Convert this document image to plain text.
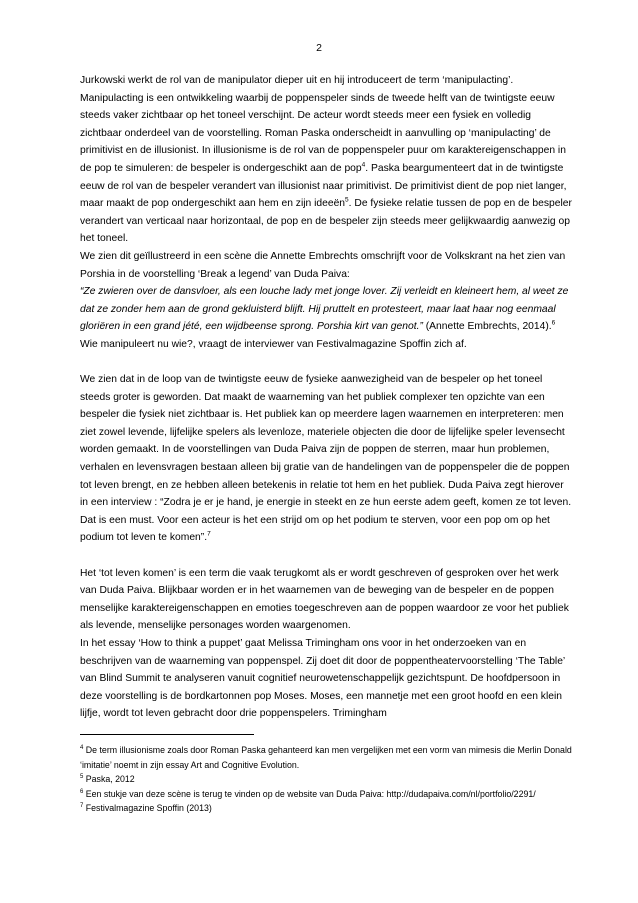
2

Jurkowski werkt de rol van de manipulator dieper uit en hij introduceert de term ‘manipulacting’. Manipulacting is een ontwikkeling waarbij de poppenspeler sinds de tweede helft van de twintigste eeuw steeds vaker zichtbaar op het toneel verschijnt. De acteur wordt steeds meer een fysiek en volledig zichtbaar onderdeel van de voorstelling. Roman Paska onderscheidt in aanvulling op ‘manipulacting’ de primitivist en de illusionist. In illusionisme is de rol van de poppenspeler puur om karaktereigenschappen in de pop te simuleren: de bespeler is ondergeschikt aan de pop$^4$. Paska beargumenteert dat in de twintigste eeuw de rol van de bespeler verandert van illusionist naar primitivist. De primitivist dient de pop niet langer, maar maakt de pop ondergeschikt aan hem en zijn ideeën$^5$. De fysieke relatie tussen de pop en de bespeler verandert van verticaal naar horizontaal, de pop en de bespeler zijn steeds meer gelijkwaardig aanwezig op het toneel.

We zien dit geïllustreerd in een scène die Annette Embrechts omschrijft voor de Volkskrant na het zien van Porshia in de voorstelling ‘Break a legend’ van Duda Paiva:

“Ze zwieren over de dansvloer, als een louche lady met jonge lover. Zij verleidt en kleineert hem, al weet ze dat ze zonder hem aan de grond gekluisterd blijft. Hij pruttelt en protesteert, maar laat haar nog eenmaal gloriëren in een grand jété, een wijdbeense sprong. Porshia kirt van genot.” (Annette Embrechts, 2014).$^6$

Wie manipuleert nu wie?, vraagt de interviewer van Festivalmagazine Spoffin zich af.

We zien dat in de loop van de twintigste eeuw de fysieke aanwezigheid van de bespeler op het toneel steeds groter is geworden. Dat maakt de waarneming van het publiek complexer ten opzichte van een bespeler die fysiek niet zichtbaar is. Het publiek kan op meerdere lagen waarnemen en interpreteren: men ziet zowel levende, lijfelijke spelers als levenloze, materiele objecten die door de lijfelijke speler levensecht worden gemaakt. In de voorstellingen van Duda Paiva zijn de poppen de sterren, maar hun problemen, verhalen en levensvragen bestaan alleen bij gratie van de handelingen van de poppenspeler die de poppen tot leven brengt, en ze hebben alleen betekenis in relatie tot hem en het publiek. Duda Paiva zegt hierover in een interview : “Zodra je er je hand, je energie in steekt en ze hun eerste adem geeft, komen ze tot leven. Dat is een must. Voor een acteur is het een strijd om op het podium te sterven, voor een pop om op het podium tot leven te komen”.$^7$

Het ‘tot leven komen’ is een term die vaak terugkomt als er wordt geschreven of gesproken over het werk van Duda Paiva. Blijkbaar worden er in het waarnemen van de beweging van de bespeler en de poppen menselijke karaktereigenschappen en emoties toegeschreven aan de poppen waardoor ze voor het publiek als levende, menselijke personages worden waargenomen.

In het essay ‘How to think a puppet’ gaat Melissa Trimingham ons voor in het onderzoeken van en beschrijven van de waarneming van poppenspel. Zij doet dit door de poppentheatervoorstelling ‘The Table’ van Blind Summit te analyseren vanuit cognitief neurowetenschappelijk gezichtspunt. De hoofdpersoon in deze voorstelling is de bordkartonnen pop Moses. Moses, een mannetje met een groot hoofd en een klein lijfje, wordt tot leven gebracht door drie poppenspelers. Trimingham

$^4$ De term illusionisme zoals door Roman Paska gehanteerd kan men vergelijken met een vorm van mimesis die Merlin Donald ‘imitatie’ noemt in zijn essay Art and Cognitive Evolution.

$^5$ Paska, 2012

$^6$ Een stukje van deze scène is terug te vinden op de website van Duda Paiva: http://dudapaiva.com/nl/portfolio/2291/

$^7$ Festivalmagazine Spoffin (2013)
